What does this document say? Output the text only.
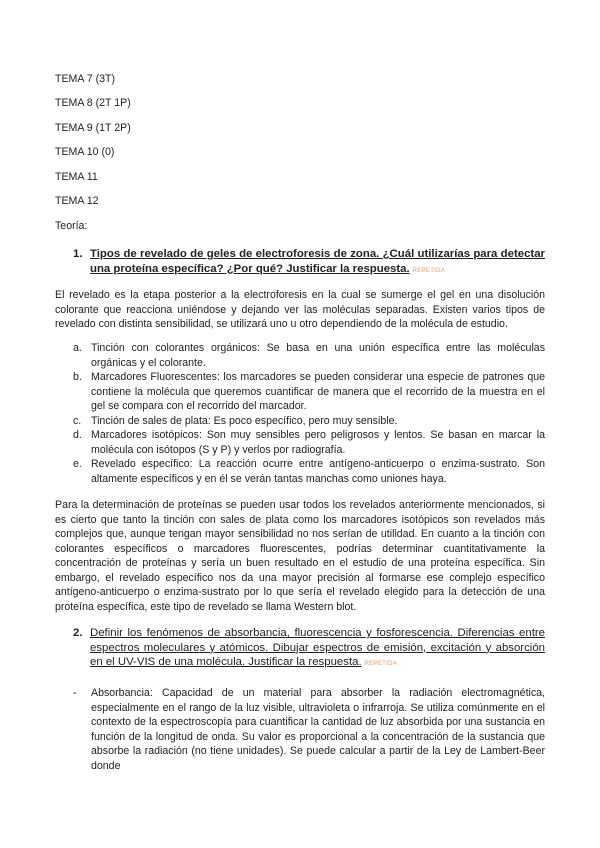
TEMA 7 (3T)
TEMA 8 (2T 1P)
TEMA 9 (1T 2P)
TEMA 10 (0)
TEMA 11
TEMA 12
Teoría:
1. Tipos de revelado de geles de electroforesis de zona. ¿Cuál utilizarías para detectar una proteína específica? ¿Por qué? Justificar la respuesta. REPETIDA

El revelado es la etapa posterior a la electroforesis en la cual se sumerge el gel en una disolución colorante que reacciona uniéndose y dejando ver las moléculas separadas. Existen varios tipos de revelado con distinta sensibilidad, se utilizará uno u otro dependiendo de la molécula de estudio.

a. Tinción con colorantes orgánicos: Se basa en una unión específica entre las moléculas orgánicas y el colorante.
b. Marcadores Fluorescentes: los marcadores se pueden considerar una especie de patrones que contiene la molécula que queremos cuantificar de manera que el recorrido de la muestra en el gel se compara con el recorrido del marcador.
c. Tinción de sales de plata: Es poco específico, pero muy sensible.
d. Marcadores isotópicos: Son muy sensibles pero peligrosos y lentos. Se basan en marcar la molécula con isótopos (S y P) y verlos por radiografía.
e. Revelado específico: La reacción ocurre entre antígeno-anticuerpo o enzima-sustrato. Son altamente específicos y en él se verán tantas manchas como uniones haya.

Para la determinación de proteínas se pueden usar todos los revelados anteriormente mencionados, si es cierto que tanto la tinción con sales de plata como los marcadores isotópicos son revelados más complejos que, aunque tengan mayor sensibilidad no nos serían de utilidad. En cuanto a la tinción con colorantes específicos o marcadores fluorescentes, podrías determinar cuantitativamente la concentración de proteínas y sería un buen resultado en el estudio de una proteína específica. Sin embargo, el revelado específico nos da una mayor precisión al formarse ese complejo específico antígeno-anticuerpo o enzima-sustrato por lo que sería el revelado elegido para la detección de una proteína específica, este tipo de revelado se llama Western blot.

2. Definir los fenómenos de absorbancia, fluorescencia y fosforescencia. Diferencias entre espectros moleculares y atómicos. Dibujar espectros de emisión, excitación y absorción en el UV-VIS de una molécula. Justificar la respuesta. REPETIDA
- Absorbancia: Capacidad de un material para absorber la radiación electromagnética, especialmente en el rango de la luz visible, ultravioleta o infrarroja. Se utiliza comúnmente en el contexto de la espectroscopía para cuantificar la cantidad de luz absorbida por una sustancia en función de la longitud de onda. Su valor es proporcional a la concentración de la sustancia que absorbe la radiación (no tiene unidades). Se puede calcular a partir de la Ley de Lambert-Beer donde
